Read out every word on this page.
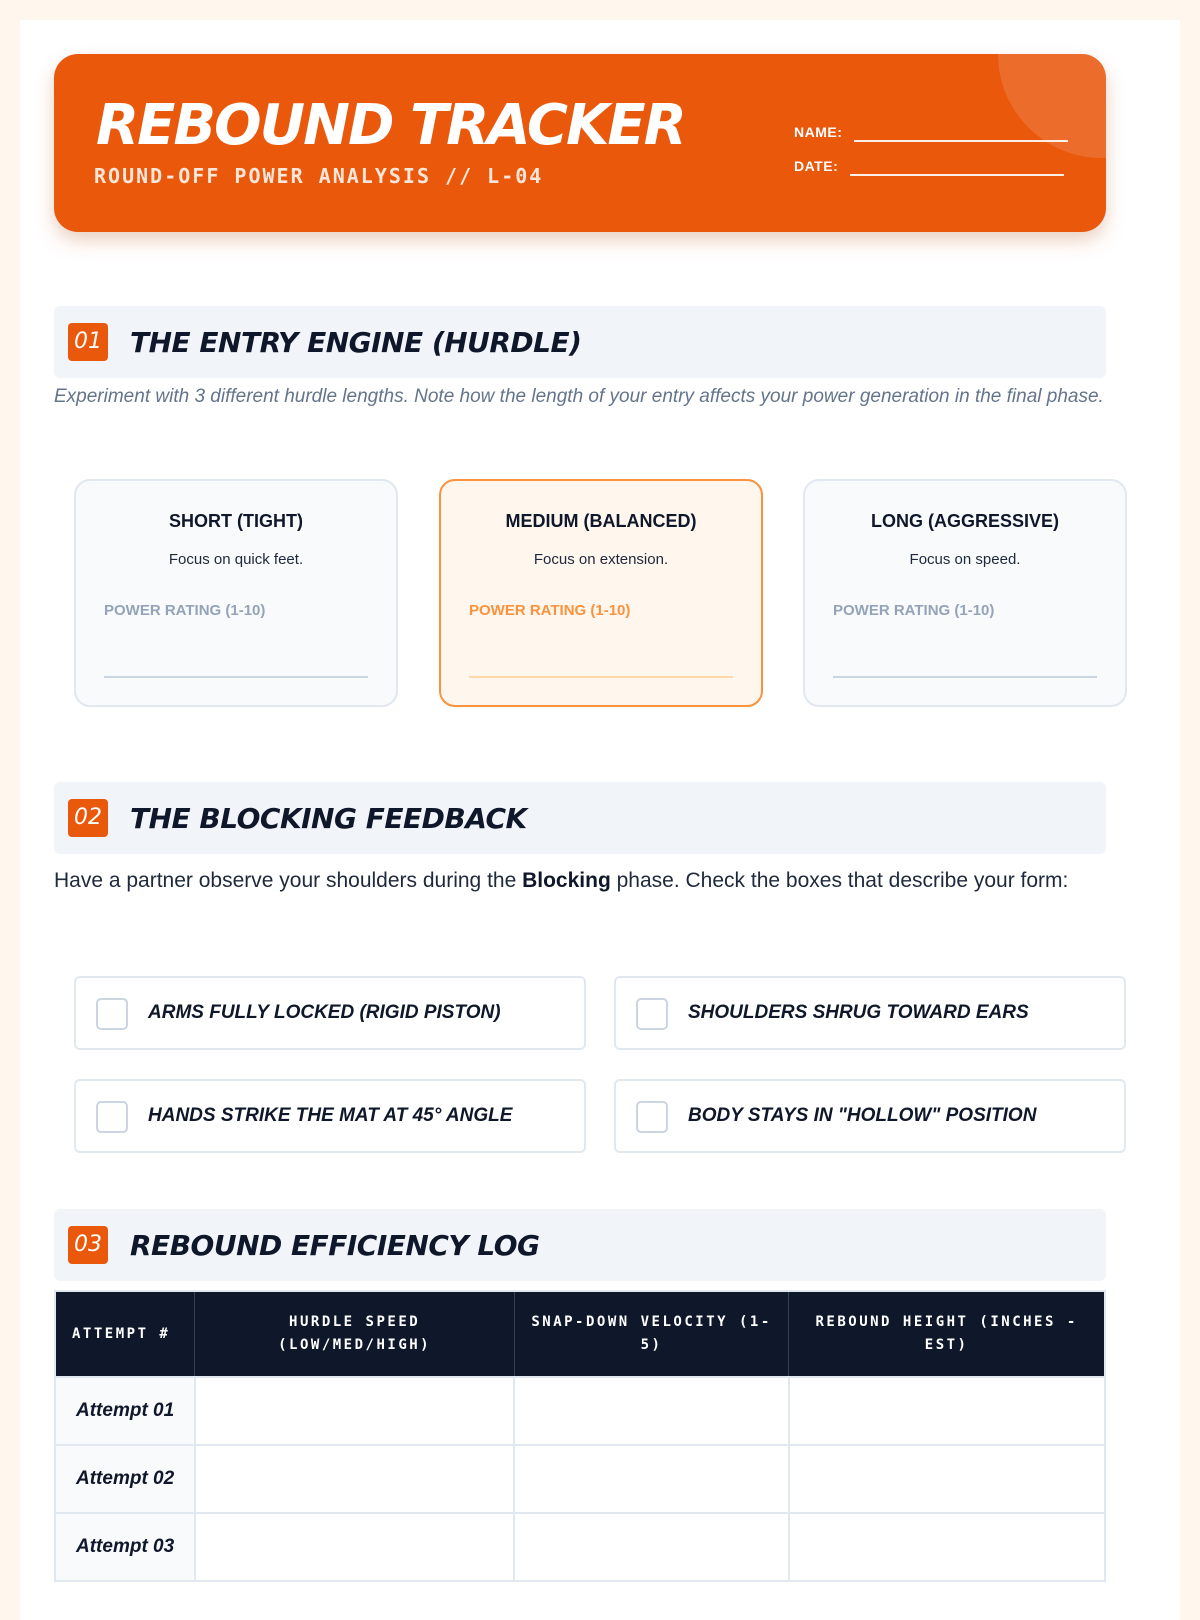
REBOUND TRACKER
ROUND-OFF POWER ANALYSIS // L-04
NAME:
DATE:
01 THE ENTRY ENGINE (HURDLE)
Experiment with 3 different hurdle lengths. Note how the length of your entry affects your power generation in the final phase.
SHORT (TIGHT)
Focus on quick feet.
POWER RATING (1-10)
MEDIUM (BALANCED)
Focus on extension.
POWER RATING (1-10)
LONG (AGGRESSIVE)
Focus on speed.
POWER RATING (1-10)
02 THE BLOCKING FEEDBACK
Have a partner observe your shoulders during the Blocking phase. Check the boxes that describe your form:
ARMS FULLY LOCKED (RIGID PISTON)	SHOULDERS SHRUG TOWARD EARS
HANDS STRIKE THE MAT AT 45° ANGLE	BODY STAYS IN "HOLLOW" POSITION
03 REBOUND EFFICIENCY LOG
ATTEMPT #	HURDLE SPEED (LOW/MED/HIGH)	SNAP-DOWN VELOCITY (1-5)	REBOUND HEIGHT (INCHES - EST)
Attempt 01			
Attempt 02			
Attempt 03			
